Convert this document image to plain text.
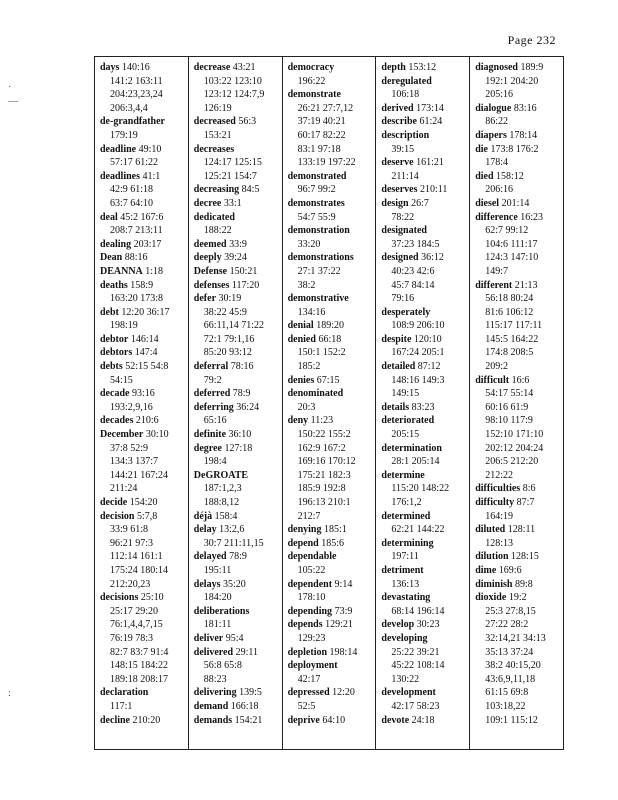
Page 232
·
—
:
days 140:16
141:2 163:11
204:23,23,24
206:3,4,4
de-grandfather
179:19
deadline 49:10
57:17 61:22
deadlines 41:1
42:9 61:18
63:7 64:10
deal 45:2 167:6
208:7 213:11
dealing 203:17
Dean 88:16
DEANNA 1:18
deaths 158:9
163:20 173:8
debt 12:20 36:17
198:19
debtor 146:14
debtors 147:4
debts 52:15 54:8
54:15
decade 93:16
193:2,9,16
decades 210:6
December 30:10
37:8 52:9
134:3 137:7
144:21 167:24
211:24
decide 154:20
decision 5:7,8
33:9 61:8
96:21 97:3
112:14 161:1
175:24 180:14
212:20,23
decisions 25:10
25:17 29:20
76:1,4,4,7,15
76:19 78:3
82:7 83:7 91:4
148:15 184:22
189:18 208:17
declaration
117:1
decline 210:20
decrease 43:21
103:22 123:10
123:12 124:7,9
126:19
decreased 56:3
153:21
decreases
124:17 125:15
125:21 154:7
decreasing 84:5
decree 33:1
dedicated
188:22
deemed 33:9
deeply 39:24
Defense 150:21
defenses 117:20
defer 30:19
38:22 45:9
66:11,14 71:22
72:1 79:1,16
85:20 93:12
deferral 78:16
79:2
deferred 78:9
deferring 36:24
65:16
definite 36:10
degree 127:18
198:4
DeGROATE
187:1,2,3
188:8,12
déjà 158:4
delay 13:2,6
30:7 211:11,15
delayed 78:9
195:11
delays 35:20
184:20
deliberations
181:11
deliver 95:4
delivered 29:11
56:8 65:8
88:23
delivering 139:5
demand 166:18
demands 154:21
democracy
196:22
demonstrate
26:21 27:7,12
37:19 40:21
60:17 82:22
83:1 97:18
133:19 197:22
demonstrated
96:7 99:2
demonstrates
54:7 55:9
demonstration
33:20
demonstrations
27:1 37:22
38:2
demonstrative
134:16
denial 189:20
denied 66:18
150:1 152:2
185:2
denies 67:15
denominated
20:3
deny 11:23
150:22 155:2
162:9 167:2
169:16 170:12
175:21 182:3
185:9 192:8
196:13 210:1
212:7
denying 185:1
depend 185:6
dependable
105:22
dependent 9:14
178:10
depending 73:9
depends 129:21
129:23
depletion 198:14
deployment
42:17
depressed 12:20
52:5
deprive 64:10
depth 153:12
deregulated
106:18
derived 173:14
describe 61:24
description
39:15
deserve 161:21
211:14
deserves 210:11
design 26:7
78:22
designated
37:23 184:5
designed 36:12
40:23 42:6
45:7 84:14
79:16
desperately
108:9 206:10
despite 120:10
167:24 205:1
detailed 87:12
148:16 149:3
149:15
details 83:23
deteriorated
205:15
determination
28:1 205:14
determine
115:20 148:22
176:1,2
determined
62:21 144:22
determining
197:11
detriment
136:13
devastating
68:14 196:14
develop 30:23
developing
25:22 39:21
45:22 108:14
130:22
development
42:17 58:23
devote 24:18
diagnosed 189:9
192:1 204:20
205:16
dialogue 83:16
86:22
diapers 178:14
die 173:8 176:2
178:4
died 158:12
206:16
diesel 201:14
difference 16:23
62:7 99:12
104:6 111:17
124:3 147:10
149:7
different 21:13
56:18 80:24
81:6 106:12
115:17 117:11
145:5 164:22
174:8 208:5
209:2
difficult 16:6
54:17 55:14
60:16 61:9
98:10 117:9
152:10 171:10
202:12 204:24
206:5 212:20
212:22
difficulties 8:6
difficulty 87:7
164:19
diluted 128:11
128:13
dilution 128:15
dime 169:6
diminish 89:8
dioxide 19:2
25:3 27:8,15
27:22 28:2
32:14,21 34:13
35:13 37:24
38:2 40:15,20
43:6,9,11,18
61:15 69:8
103:18,22
109:1 115:12
